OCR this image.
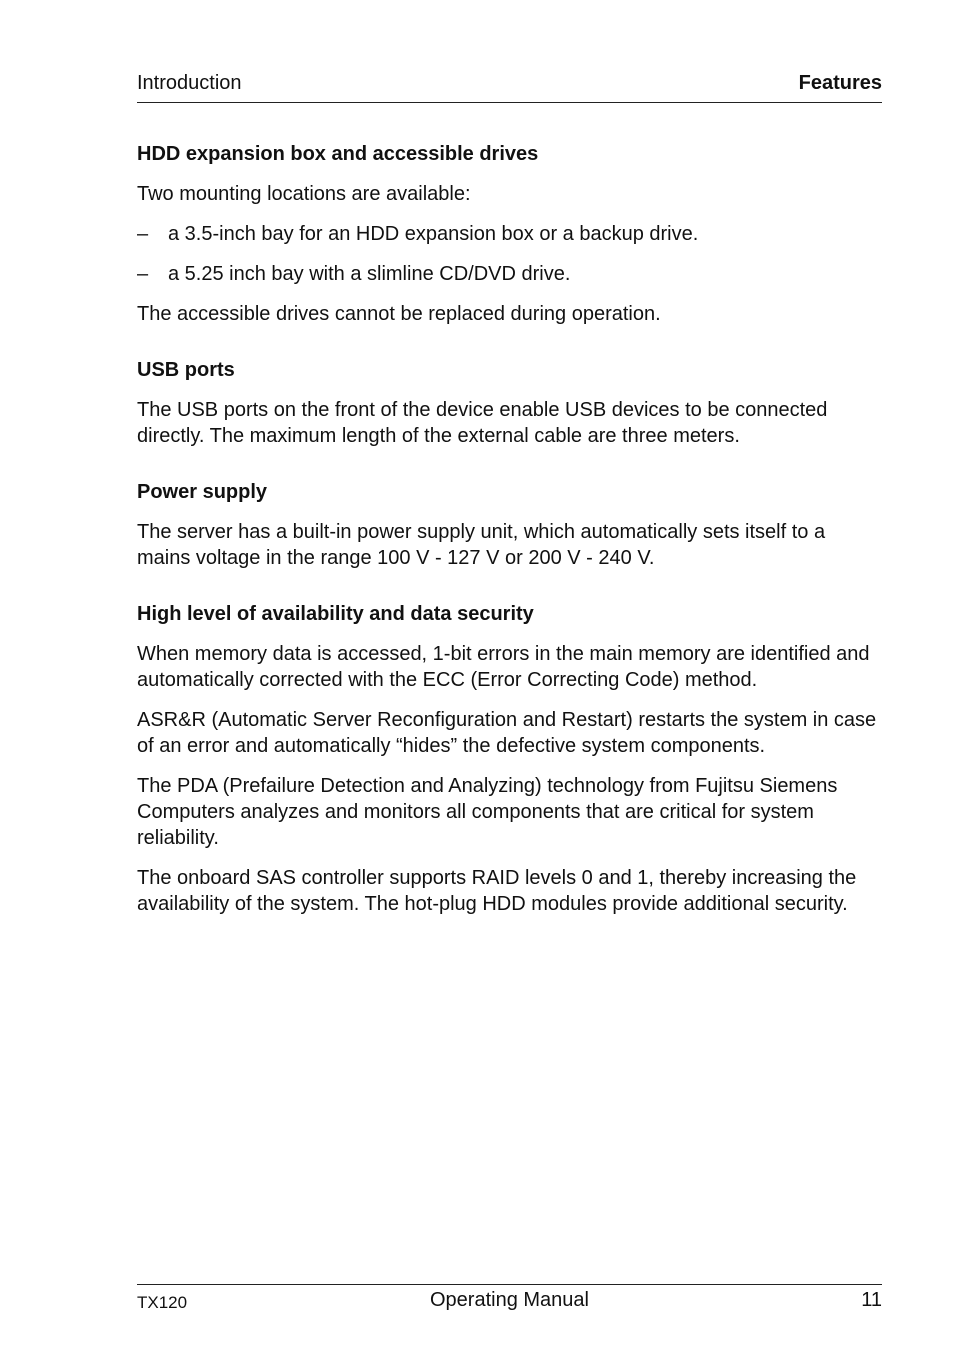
Introduction	Features
HDD expansion box and accessible drives

Two mounting locations are available:

– a 3.5-inch bay for an HDD expansion box or a backup drive.
– a 5.25 inch bay with a slimline CD/DVD drive.

The accessible drives cannot be replaced during operation.

USB ports

The USB ports on the front of the device enable USB devices to be connected directly. The maximum length of the external cable are three meters.

Power supply

The server has a built-in power supply unit, which automatically sets itself to a mains voltage in the range 100 V - 127 V or 200 V - 240 V.

High level of availability and data security

When memory data is accessed, 1-bit errors in the main memory are identified and automatically corrected with the ECC (Error Correcting Code) method.

ASR&R (Automatic Server Reconfiguration and Restart) restarts the system in case of an error and automatically “hides” the defective system components.

The PDA (Prefailure Detection and Analyzing) technology from Fujitsu Siemens Computers analyzes and monitors all components that are critical for system reliability.

The onboard SAS controller supports RAID levels 0 and 1, thereby increasing the availability of the system. The hot-plug HDD modules provide additional security.

TX120	Operating Manual	11
